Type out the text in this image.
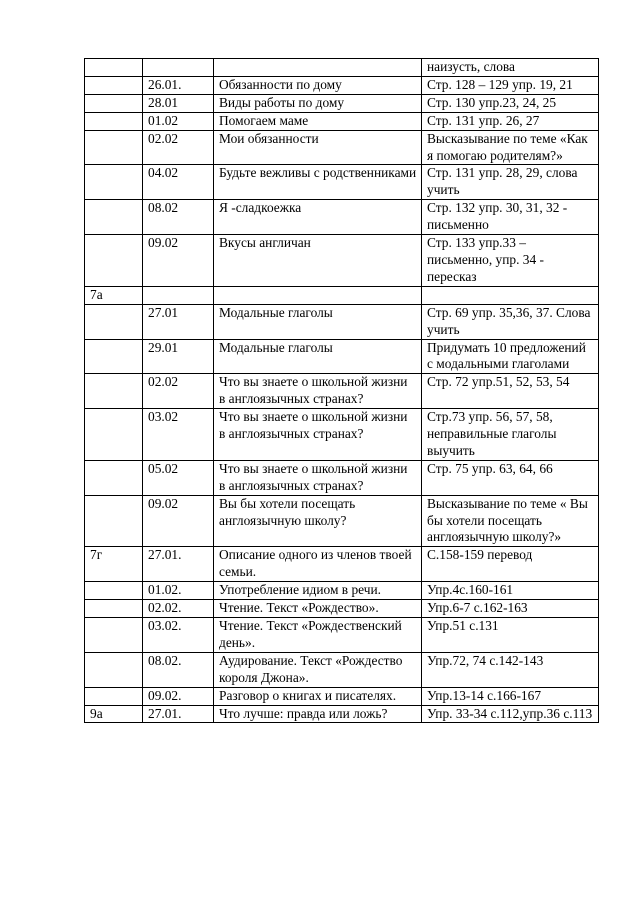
			наизусть, слова
	26.01.	Обязанности по дому	Стр. 128 – 129 упр. 19, 21
	28.01	Виды работы по дому	Стр. 130 упр.23, 24, 25
	01.02	Помогаем маме	Стр. 131 упр. 26, 27
	02.02	Мои обязанности	Высказывание по теме «Как я помогаю родителям?»
	04.02	Будьте вежливы с родственниками	Стр. 131 упр. 28, 29, слова учить
	08.02	Я -сладкоежка	Стр. 132 упр. 30, 31, 32 - письменно
	09.02	Вкусы англичан	Стр. 133 упр.33 – письменно, упр. 34 - пересказ
7а			
	27.01	Модальные глаголы	Стр. 69 упр. 35,36, 37. Слова учить
	29.01	Модальные глаголы	Придумать 10 предложений с модальными глаголами
	02.02	Что вы знаете о школьной жизни в англоязычных странах?	Стр. 72 упр.51, 52, 53, 54
	03.02	Что вы знаете о школьной жизни в англоязычных странах?	Стр.73 упр. 56, 57, 58, неправильные глаголы выучить
	05.02	Что вы знаете о школьной жизни в англоязычных странах?	Стр. 75 упр. 63, 64, 66
	09.02	Вы бы хотели посещать англоязычную школу?	Высказывание по теме « Вы бы хотели посещать англоязычную школу?»
7г	27.01.	Описание одного из членов твоей семьи.	С.158-159 перевод
	01.02.	Употребление идиом в речи.	Упр.4с.160-161
	02.02.	Чтение. Текст «Рождество».	Упр.6-7 с.162-163
	03.02.	Чтение. Текст «Рождественский день».	Упр.51 с.131
	08.02.	Аудирование. Текст «Рождество короля Джона».	Упр.72, 74 с.142-143
	09.02.	Разговор о книгах и писателях.	Упр.13-14 с.166-167
9а	27.01.	Что лучше: правда или ложь?	Упр. 33-34 с.112,упр.36 с.113
